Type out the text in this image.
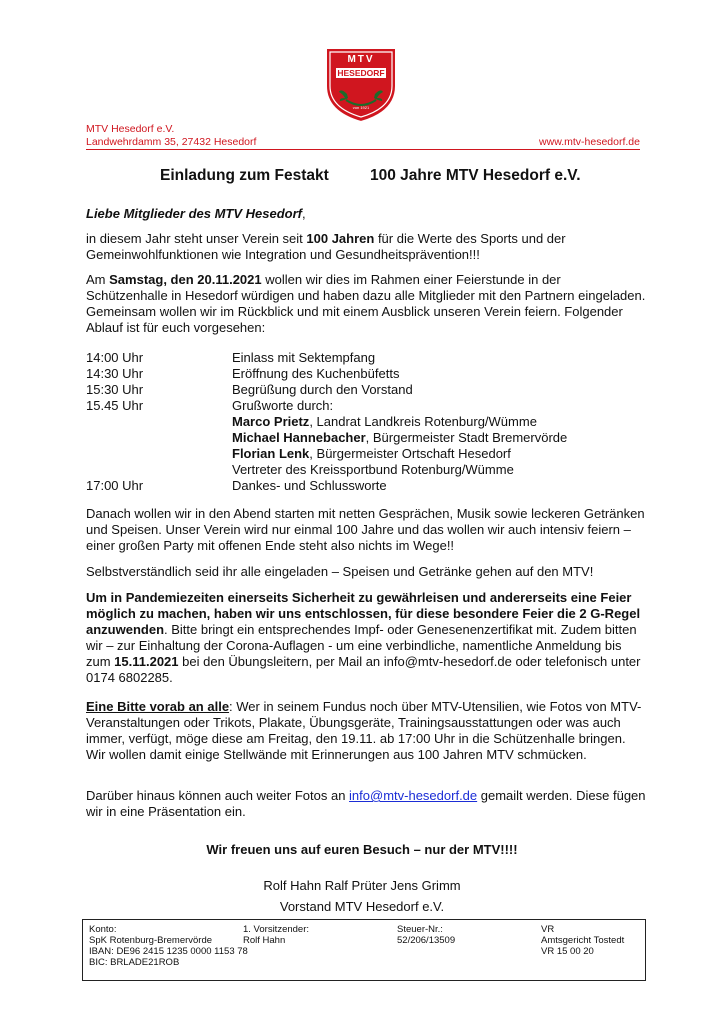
MTV
HESEDORF
von 1921
MTV Hesedorf e.V.
Landwehrdamm 35, 27432 Hesedorf	www.mtv-hesedorf.de
Einladung zum Festakt	100 Jahre MTV Hesedorf e.V.
Liebe Mitglieder des MTV Hesedorf,
in diesem Jahr steht unser Verein seit 100 Jahren für die Werte des Sports und der Gemeinwohlfunktionen wie Integration und Gesundheitsprävention!!!
Am Samstag, den 20.11.2021 wollen wir dies im Rahmen einer Feierstunde in der Schützenhalle in Hesedorf würdigen und haben dazu alle Mitglieder mit den Partnern eingeladen. Gemeinsam wollen wir im Rückblick und mit einem Ausblick unseren Verein feiern. Folgender Ablauf ist für euch vorgesehen:
14:00 Uhr	Einlass mit Sektempfang
14:30 Uhr	Eröffnung des Kuchenbüfetts
15:30 Uhr	Begrüßung durch den Vorstand
15.45 Uhr	Grußworte durch:
Marco Prietz, Landrat Landkreis Rotenburg/Wümme
Michael Hannebacher, Bürgermeister Stadt Bremervörde
Florian Lenk, Bürgermeister Ortschaft Hesedorf
Vertreter des Kreissportbund Rotenburg/Wümme
17:00 Uhr	Dankes- und Schlussworte
Danach wollen wir in den Abend starten mit netten Gesprächen, Musik sowie leckeren Getränken und Speisen. Unser Verein wird nur einmal 100 Jahre und das wollen wir auch intensiv feiern – einer großen Party mit offenen Ende steht also nichts im Wege!!
Selbstverständlich seid ihr alle eingeladen – Speisen und Getränke gehen auf den MTV!
Um in Pandemiezeiten einerseits Sicherheit zu gewährleisen und andererseits eine Feier möglich zu machen, haben wir uns entschlossen, für diese besondere Feier die 2 G-Regel anzuwenden. Bitte bringt ein entsprechendes Impf- oder Genesenenzertifikat mit. Zudem bitten wir – zur Einhaltung der Corona-Auflagen - um eine verbindliche, namentliche Anmeldung bis zum 15.11.2021 bei den Übungsleitern, per Mail an info@mtv-hesedorf.de oder telefonisch unter 0174 6802285.
Eine Bitte vorab an alle: Wer in seinem Fundus noch über MTV-Utensilien, wie Fotos von MTV-Veranstaltungen oder Trikots, Plakate, Übungsgeräte, Trainingsausstattungen oder was auch immer, verfügt, möge diese am Freitag, den 19.11. ab 17:00 Uhr in die Schützenhalle bringen.
Wir wollen damit einige Stellwände mit Erinnerungen aus 100 Jahren MTV schmücken.
Darüber hinaus können auch weiter Fotos an info@mtv-hesedorf.de gemailt werden. Diese fügen wir in eine Präsentation ein.
Wir freuen uns auf euren Besuch – nur der MTV!!!!
Rolf Hahn Ralf Prüter Jens Grimm
Vorstand MTV Hesedorf e.V.
Konto:
SpK Rotenburg-Bremervörde
IBAN: DE96 2415 1235 0000 1153 78
BIC: BRLADE21ROB
1. Vorsitzender:
Rolf Hahn
Steuer-Nr.:
52/206/13509
VR
Amtsgericht Tostedt
VR 15 00 20
